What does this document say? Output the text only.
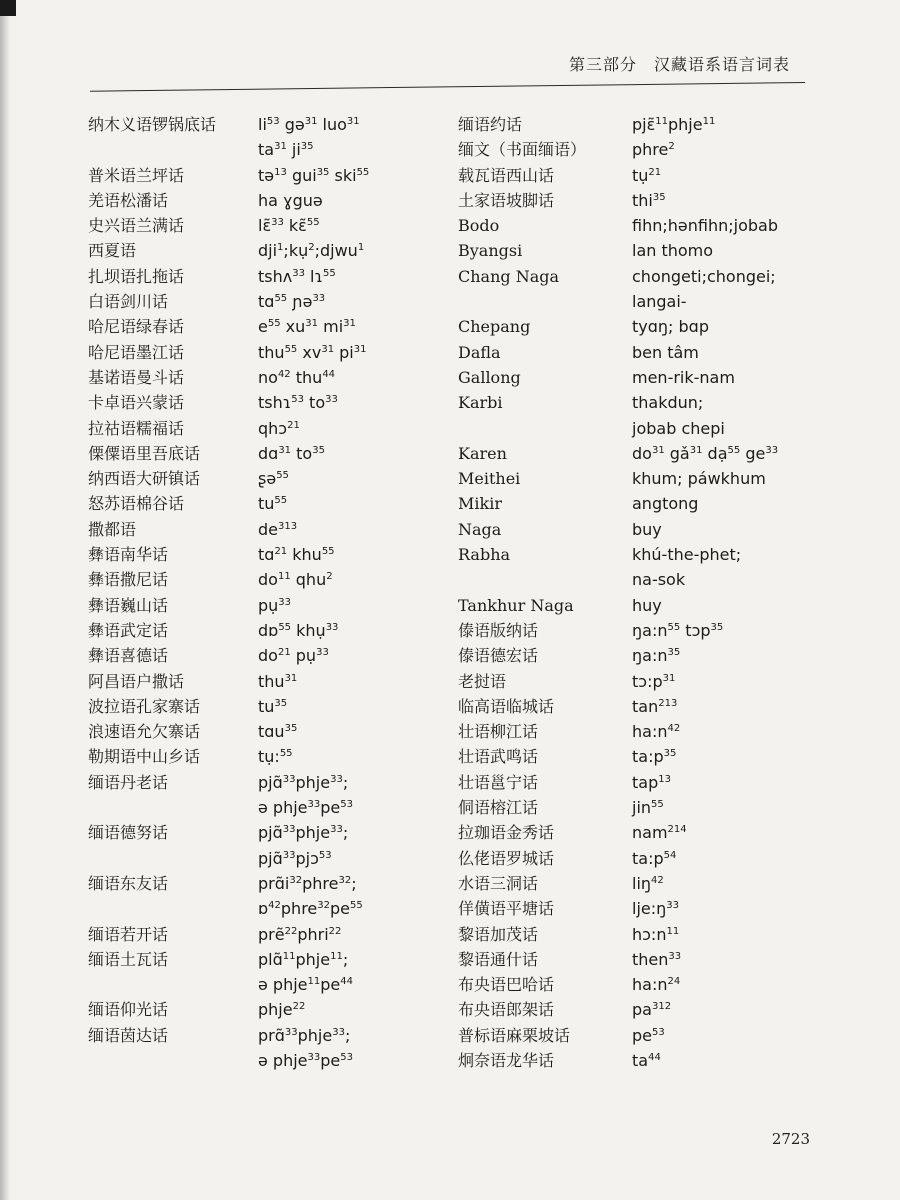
第三部分　汉藏语系语言词表
纳木义语锣锅底话
普米语兰坪话
羌语松潘话
史兴语兰满话
西夏语
扎坝语扎拖话
白语剑川话
哈尼语绿春话
哈尼语墨江话
基诺语曼斗话
卡卓语兴蒙话
拉祜语糯福话
傈僳语里吾底话
纳西语大研镇话
怒苏语棉谷话
撒都语
彝语南华话
彝语撒尼话
彝语巍山话
彝语武定话
彝语喜德话
阿昌语户撒话
波拉语孔家寨话
浪速语允欠寨话
勒期语中山乡话
缅语丹老话
缅语德努话
缅语东友话
缅语若开话
缅语土瓦话
缅语仰光话
缅语茵达话
$li^{53}$ gə$^{31}$ luo$^{31}$
$ta^{31}$ $ji^{35}$
tə$^{13}$ gui$^{35}$ ski$^{55}$
ha ɣguə
lɛ̃$^{33}$ kɛ̃$^{55}$
dji$^1$;kụ$^2$;djwu$^1$
tshʌ$^{33}$ lɿ$^{55}$
tɑ$^{55}$ ɲə$^{33}$
$e^{55}$ $xu^{31}$ $mi^{31}$
thu$^{55}$ $xv^{31}$ $pi^{31}$
$no^{42}$ thu$^{44}$
tshɿ$^{53}$ $to^{33}$
qhɔ$^{21}$
dɑ$^{31}$ $to^{35}$
ʂə$^{55}$
$tu^{55}$
$de^{313}$
tɑ$^{21}$ khu$^{55}$
$do^{11}$ qhu$^2$
pụ$^{33}$
dɒ$^{55}$ khụ$^{33}$
$do^{21}$ pụ$^{33}$
thu$^{31}$
$tu^{35}$
tɑu$^{35}$
tụ:$^{55}$
pjɑ̃$^{33}$phje$^{33}$;
ə $phje^{33}pe^{53}$
pjɑ̃$^{33}$phje$^{33}$;
pjɑ̃$^{33}$pjɔ$^{53}$
$prɑ̃i^{32}phre^{32}$;
$ɒ^{42}phre^{32}pe^{55}$
prẽ$^{22}$phri$^{22}$
plɑ̃$^{11}$phje$^{11}$;
ə $phje^{11}pe^{44}$
phje$^{22}$
prɑ̃$^{33}$phje$^{33}$;
ə $phje^{33}pe^{53}$
缅语约话
缅文（书面缅语）
载瓦语西山话
土家语坡脚话
Bodo
Byangsi
Chang Naga
Chepang
Dafla
Gallong
Karbi
Karen
Meithei
Mikir
Naga
Rabha
Tankhur Naga
傣语版纳话
傣语德宏话
老挝语
临高语临城话
壮语柳江话
壮语武鸣话
壮语邕宁话
侗语榕江话
拉珈语金秀话
仫佬语罗城话
水语三洞话
佯僙语平塘话
黎语加茂话
黎语通什话
布央语巴哈话
布央语郎架话
普标语麻栗坡话
炯奈语龙华话
pjɛ̃$^{11}$phje$^{11}$
phre$^2$
tụ$^{21}$
thi$^{35}$
fihn;hənfihn;jobab
lan thomo
chongeti;chongei;
langai-
tyɑŋ; bɑp
ben tâm
men-rik-nam
thakdun;
jobab chepi
$do^{31}$ $gǎ^{31}$ dạ$^{55}$ $ge^{33}$
khum; páwkhum
angtong
buy
khú-the-phet;
na-sok
huy
$ŋa:n^{55}$ tɔp$^{35}$
$ŋa:n^{35}$
$tɔ:p^{31}$
$\tan^{213}$
$ha:n^{42}$
$ta:p^{35}$
tap$^{13}$
jin$^{55}$
nam$^{214}$
$ta:p^{54}$
liŋ$^{42}$
$lje:ŋ^{33}$
$hɔ:n^{11}$
then$^{33}$
$ha:n^{24}$
$pa^{312}$
$pe^{53}$
$ta^{44}$
2723
